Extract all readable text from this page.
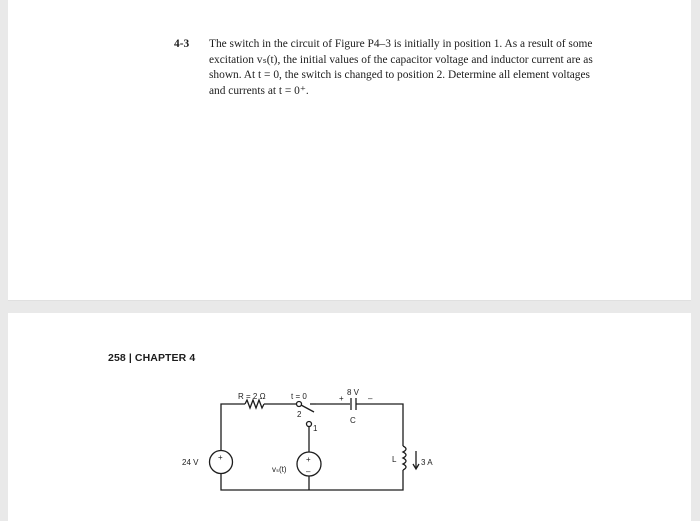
4-3 The switch in the circuit of Figure P4–3 is initially in position 1. As a result of some

excitation vₛ(t), the initial values of the capacitor voltage and inductor current are as

shown. At t = 0, the switch is changed to position 2. Determine all element voltages

and currents at t = 0⁺.

258 | CHAPTER 4
R = 2 Ω	t = 0
2
1
+
8 V
–
C
24 V
+
vₛ(t)
+
–
L	3 A
